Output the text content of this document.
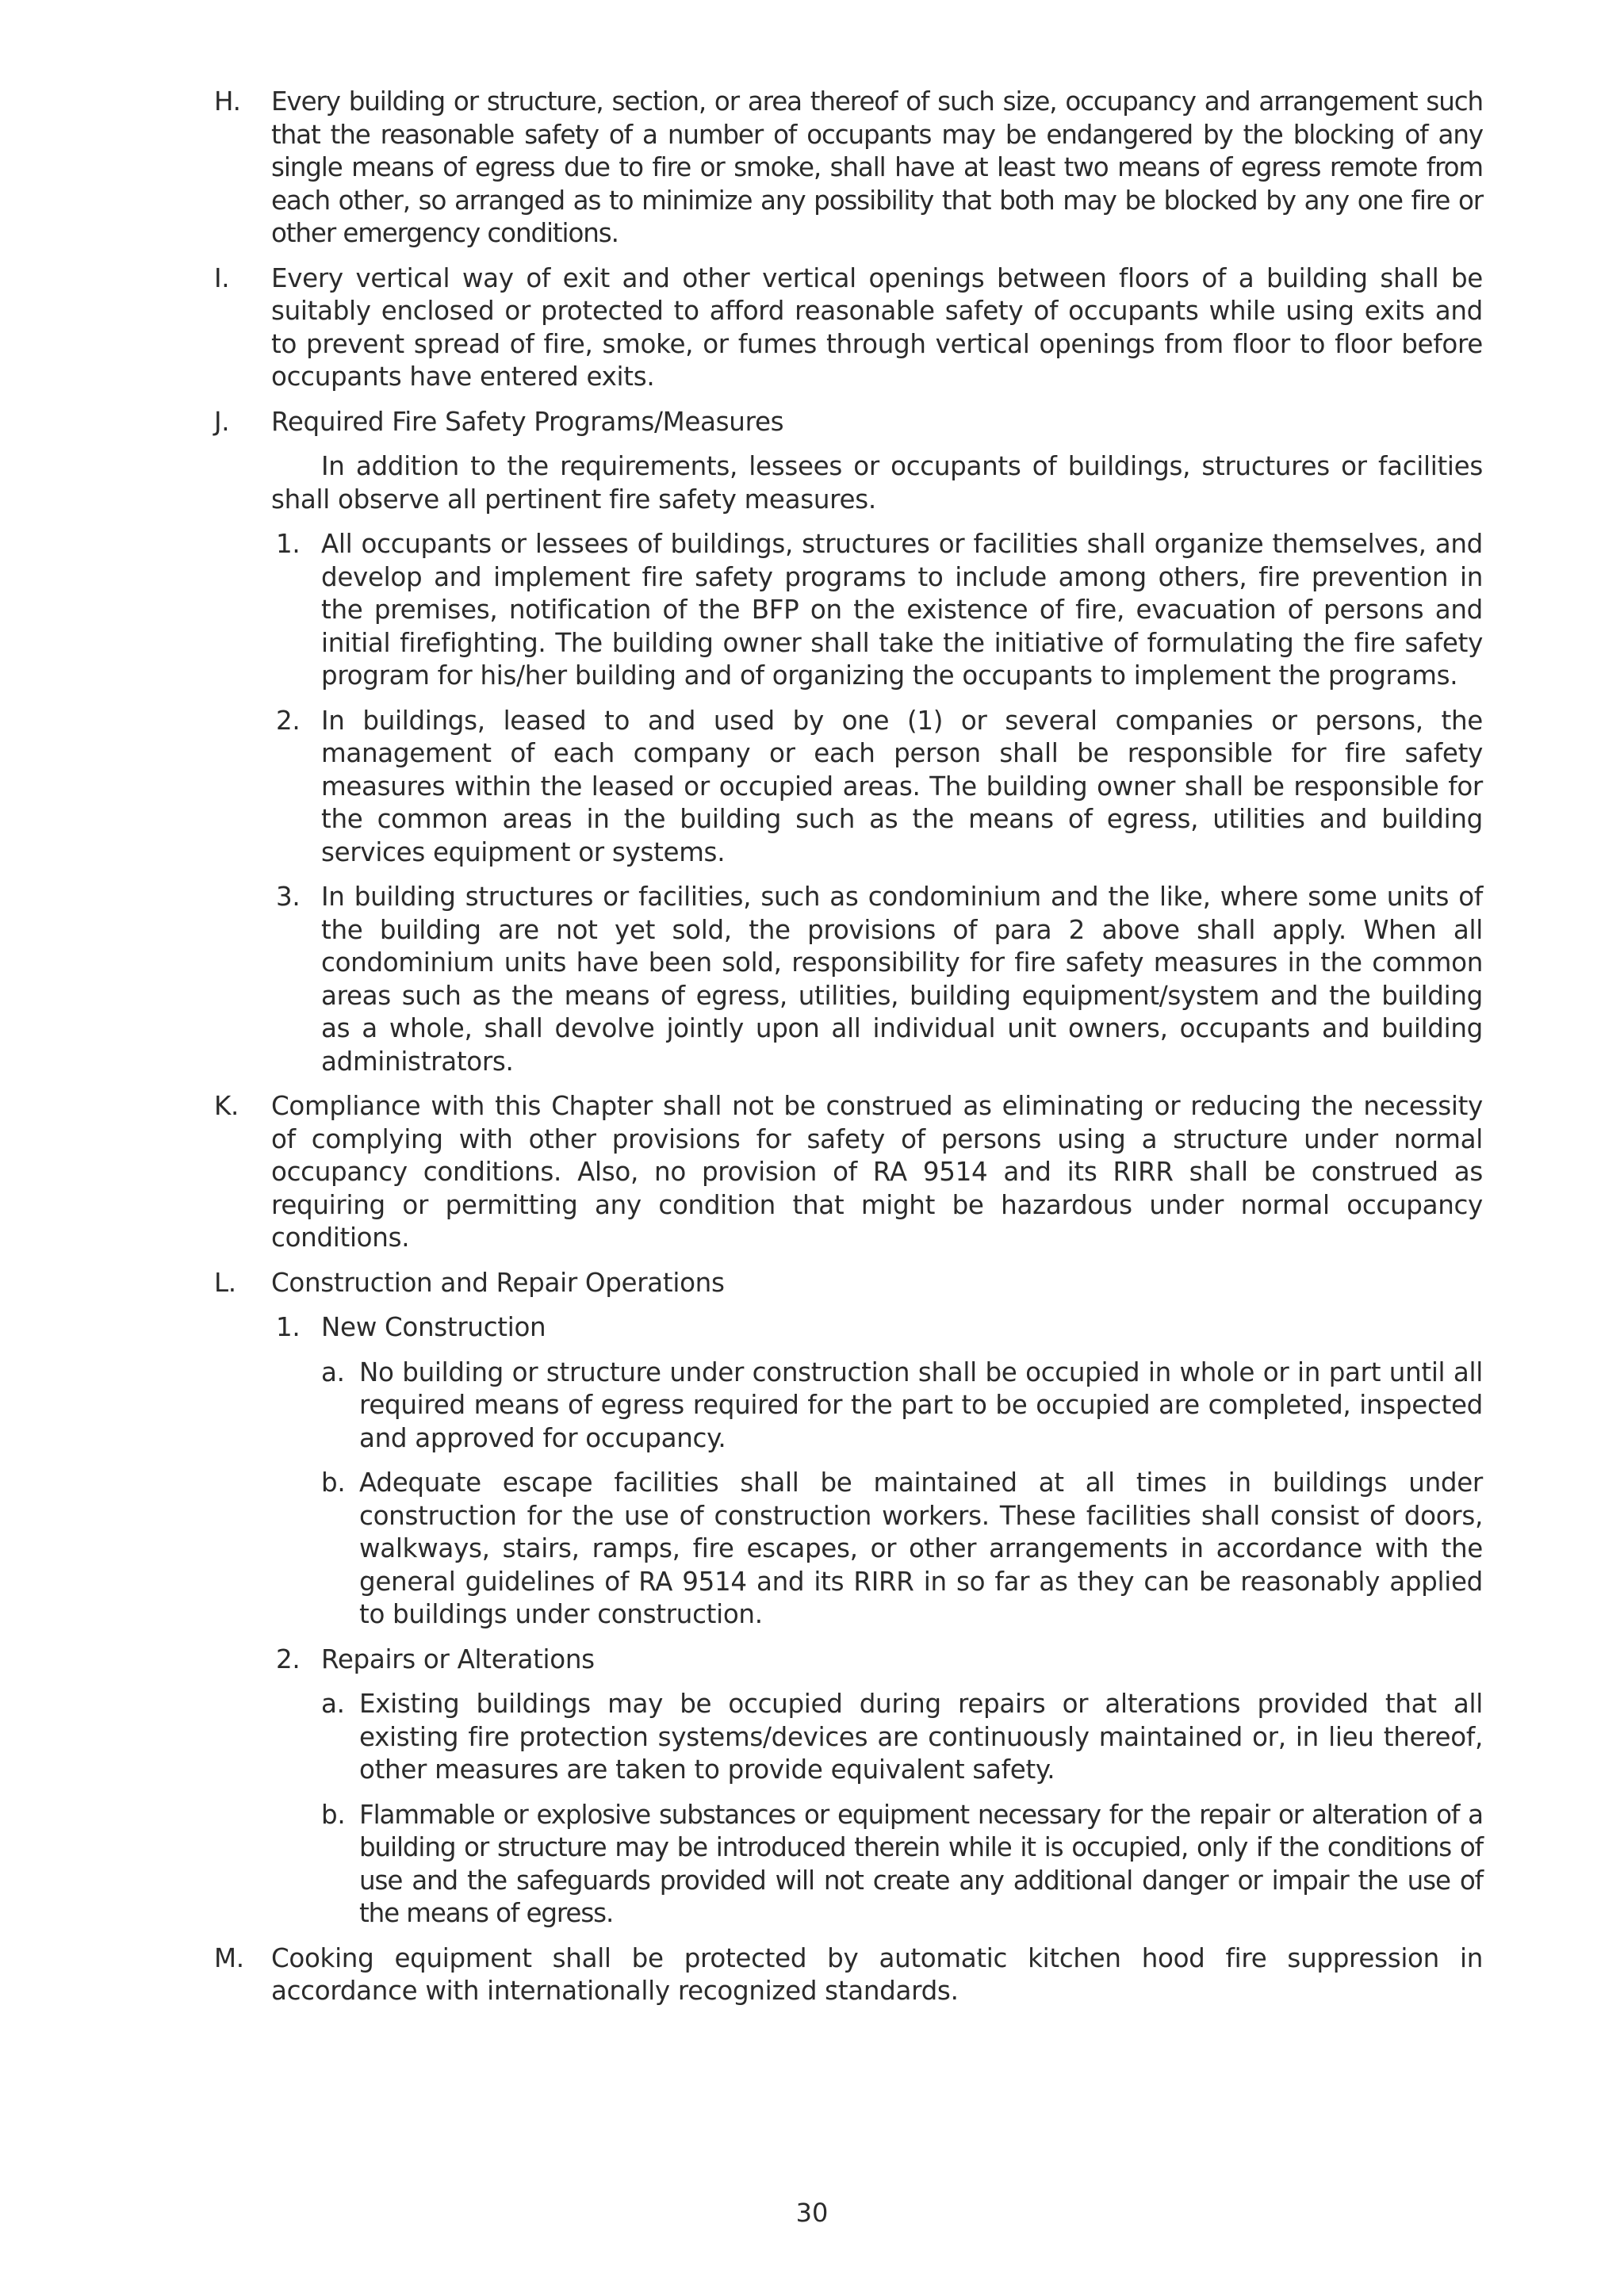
H. Every building or structure, section, or area thereof of such size, occupancy and arrangement such that the reasonable safety of a number of occupants may be endangered by the blocking of any single means of egress due to fire or smoke, shall have at least two means of egress remote from each other, so arranged as to minimize any possibility that both may be blocked by any one fire or other emergency conditions.
I. Every vertical way of exit and other vertical openings between floors of a building shall be suitably enclosed or protected to afford reasonable safety of occupants while using exits and to prevent spread of fire, smoke, or fumes through vertical openings from floor to floor before occupants have entered exits.
J. Required Fire Safety Programs/Measures
In addition to the requirements, lessees or occupants of buildings, structures or facilities shall observe all pertinent fire safety measures.
1. All occupants or lessees of buildings, structures or facilities shall organize themselves, and develop and implement fire safety programs to include among others, fire prevention in the premises, notification of the BFP on the existence of fire, evacuation of persons and initial firefighting. The building owner shall take the initiative of formulating the fire safety program for his/her building and of organizing the occupants to implement the programs.
2. In buildings, leased to and used by one (1) or several companies or persons, the management of each company or each person shall be responsible for fire safety measures within the leased or occupied areas. The building owner shall be responsible for the common areas in the building such as the means of egress, utilities and building services equipment or systems.
3. In building structures or facilities, such as condominium and the like, where some units of the building are not yet sold, the provisions of para 2 above shall apply. When all condominium units have been sold, responsibility for fire safety measures in the common areas such as the means of egress, utilities, building equipment/system and the building as a whole, shall devolve jointly upon all individual unit owners, occupants and building administrators.
K. Compliance with this Chapter shall not be construed as eliminating or reducing the necessity of complying with other provisions for safety of persons using a structure under normal occupancy conditions. Also, no provision of RA 9514 and its RIRR shall be construed as requiring or permitting any condition that might be hazardous under normal occupancy conditions.
L. Construction and Repair Operations
1. New Construction
a. No building or structure under construction shall be occupied in whole or in part until all required means of egress required for the part to be occupied are completed, inspected and approved for occupancy.
b. Adequate escape facilities shall be maintained at all times in buildings under construction for the use of construction workers. These facilities shall consist of doors, walkways, stairs, ramps, fire escapes, or other arrangements in accordance with the general guidelines of RA 9514 and its RIRR in so far as they can be reasonably applied to buildings under construction.
2. Repairs or Alterations
a. Existing buildings may be occupied during repairs or alterations provided that all existing fire protection systems/devices are continuously maintained or, in lieu thereof, other measures are taken to provide equivalent safety.
b. Flammable or explosive substances or equipment necessary for the repair or alteration of a building or structure may be introduced therein while it is occupied, only if the conditions of use and the safeguards provided will not create any additional danger or impair the use of the means of egress.
M. Cooking equipment shall be protected by automatic kitchen hood fire suppression in accordance with internationally recognized standards.
30
